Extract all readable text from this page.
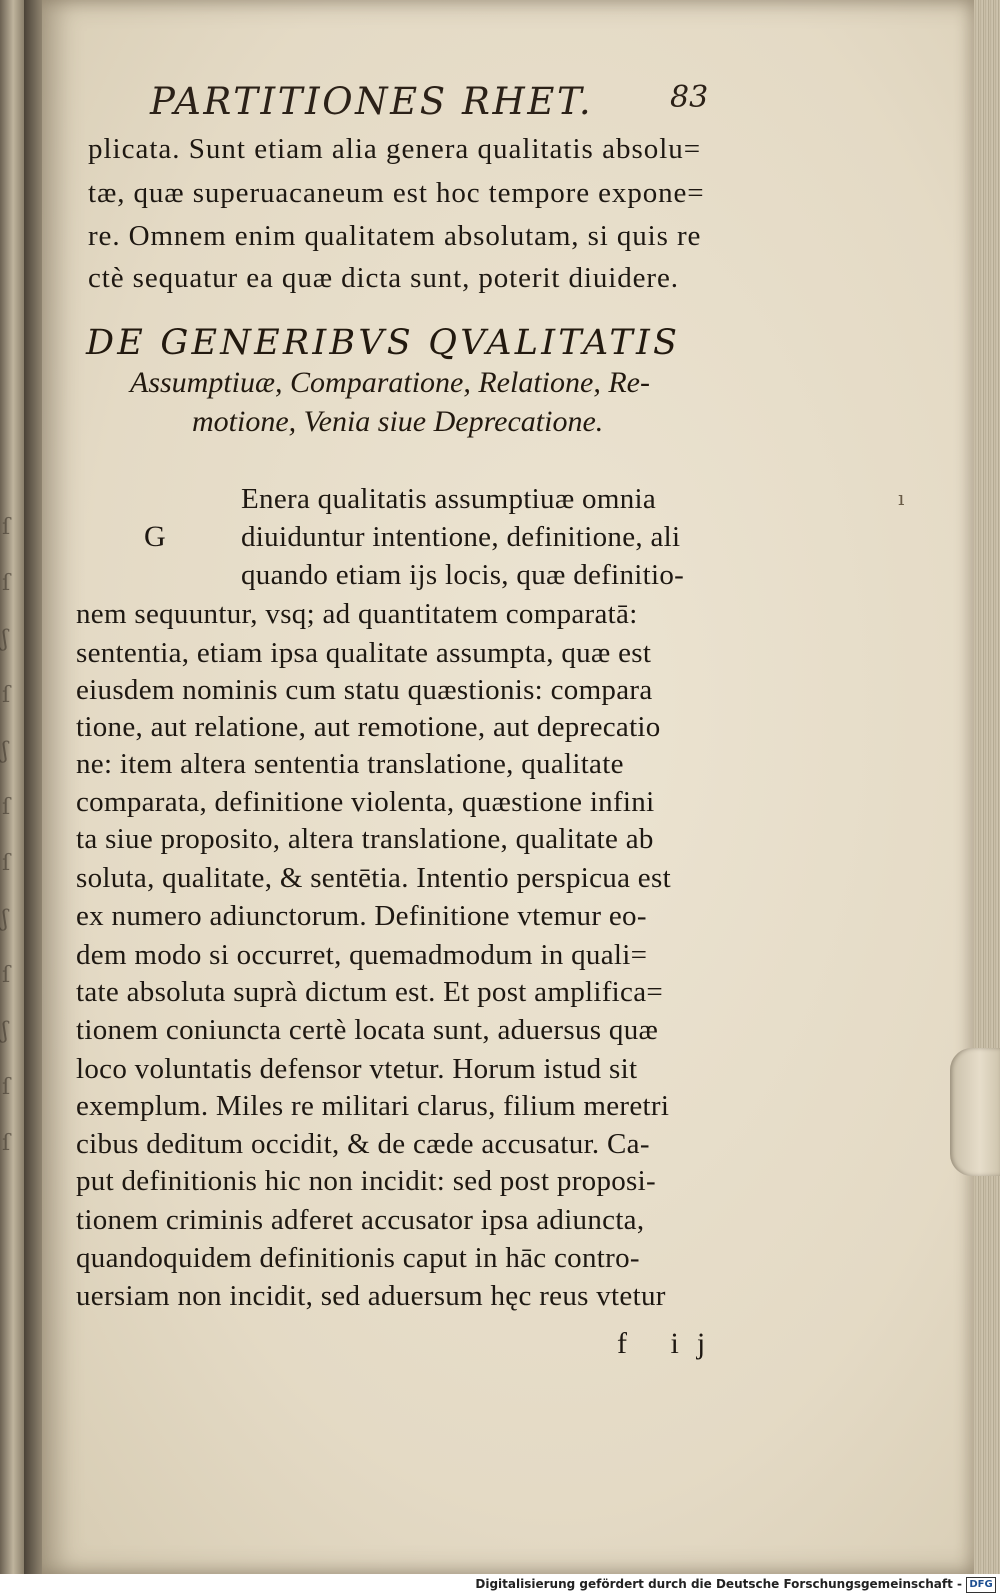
ſ
ſ
ʃ
ſ
ʃ
ſ
ſ
ʃ
ſ
ʃ
ſ
ſ
PARTITIONES RHET.	83
plicata. Sunt etiam alia genera qualitatis absolu=
tæ, quæ superuacaneum est hoc tempore expone=
re. Omnem enim qualitatem absolutam, si quis re
ctè sequatur ea quæ dicta sunt, poterit diuidere.
DE GENERIBVS QVALITATIS
Assumptiuæ, Comparatione, Relatione, Re-
motione, Venia siue Deprecatione.
G
ı
Enera qualitatis assumptiuæ omnia
diuiduntur intentione, definitione, ali
quando etiam ijs locis, quæ definitio-
nem sequuntur, vsq; ad quantitatem comparatā:
sententia, etiam ipsa qualitate assumpta, quæ est
eiusdem nominis cum statu quæstionis: compara
tione, aut relatione, aut remotione, aut deprecatio
ne: item altera sententia translatione, qualitate
comparata, definitione violenta, quæstione infini
ta siue proposito, altera translatione, qualitate ab
soluta, qualitate, & sentētia. Intentio perspicua est
ex numero adiunctorum. Definitione vtemur eo-
dem modo si occurret, quemadmodum in quali=
tate absoluta suprà dictum est. Et post amplifica=
tionem coniuncta certè locata sunt, aduersus quæ
loco voluntatis defensor vtetur. Horum istud sit
exemplum. Miles re militari clarus, filium meretri
cibus deditum occidit, & de cæde accusatur. Ca-
put definitionis hic non incidit: sed post proposi-
tionem criminis adferet accusator ipsa adiuncta,
quandoquidem definitionis caput in hāc contro-
uersiam non incidit, sed aduersum hęc reus vtetur
f ij
Digitalisierung gefördert durch die Deutsche Forschungsgemeinschaft - DFG
